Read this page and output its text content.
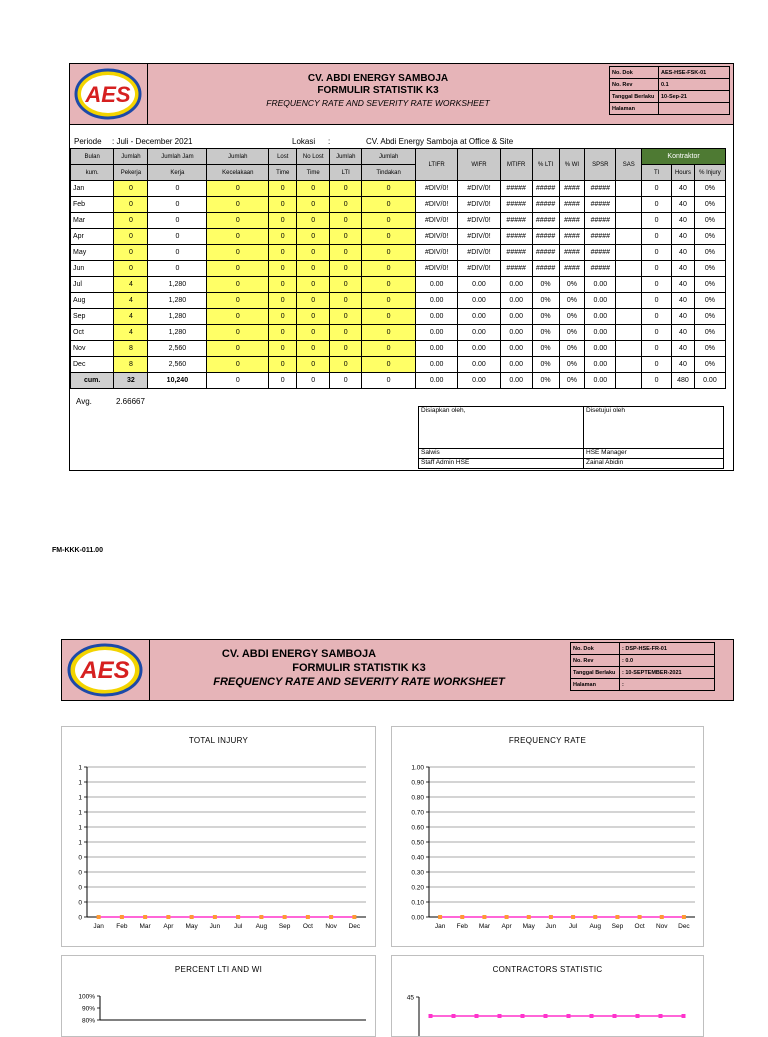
AES
CV. ABDI ENERGY SAMBOJA
FORMULIR STATISTIK K3
FREQUENCY RATE AND SEVERITY RATE WORKSHEET
No. Dok	AES-HSE-FSK-01
No. Rev	0.1
Tanggal Berlaku	10-Sep-21
Halaman	
Periode : Juli - December 2021	Lokasi :	CV. Abdi Energy Samboja at Office & Site
Bulan	Jumlah	Jumlah Jam	Jumlah	Lost	No Lost	Jumlah	Jumlah	LTIFR	WIFR	MTIFR	% LTI	% WI	SPSR	SAS	Kontraktor		
kum.	Pekerja	Kerja	Kecelakaan	Time	Time	LTI	Tindakan								TI	Hours	% Injury
Jan	0	0	0	0	0	0	0	#DIV/0!	#DIV/0!	#####	#####	####	#####		0	40	0%
Feb	0	0	0	0	0	0	0	#DIV/0!	#DIV/0!	#####	#####	####	#####		0	40	0%
Mar	0	0	0	0	0	0	0	#DIV/0!	#DIV/0!	#####	#####	####	#####		0	40	0%
Apr	0	0	0	0	0	0	0	#DIV/0!	#DIV/0!	#####	#####	####	#####		0	40	0%
May	0	0	0	0	0	0	0	#DIV/0!	#DIV/0!	#####	#####	####	#####		0	40	0%
Jun	0	0	0	0	0	0	0	#DIV/0!	#DIV/0!	#####	#####	####	#####		0	40	0%
Jul	4	1,280	0	0	0	0	0	0.00	0.00	0.00	0%	0%	0.00		0	40	0%
Aug	4	1,280	0	0	0	0	0	0.00	0.00	0.00	0%	0%	0.00		0	40	0%
Sep	4	1,280	0	0	0	0	0	0.00	0.00	0.00	0%	0%	0.00		0	40	0%
Oct	4	1,280	0	0	0	0	0	0.00	0.00	0.00	0%	0%	0.00		0	40	0%
Nov	8	2,560	0	0	0	0	0	0.00	0.00	0.00	0%	0%	0.00		0	40	0%
Dec	8	2,560	0	0	0	0	0	0.00	0.00	0.00	0%	0%	0.00		0	40	0%
cum.	32	10,240	0	0	0	0	0	0.00	0.00	0.00	0%	0%	0.00		0	480	0.00
Avg.	2.66667
Disiapkan oleh,	Disetujui oleh
Salwis	HSE Manager
Staff Admin HSE	Zainal Abidin
FM-KKK-011.00
AES
CV. ABDI ENERGY SAMBOJA
FORMULIR STATISTIK K3
FREQUENCY RATE AND SEVERITY RATE WORKSHEET
No. Dok	: DSP-HSE-FR-01
No. Rev	: 0.0
Tanggal Berlaku	: 10-SEPTEMBER-2021
Halaman	:
TOTAL INJURY
1
1
1
1
1
1
0
0
0
0
0
Jan Feb Mar Apr May Jun Jul Aug Sep Oct Nov Dec
FREQUENCY RATE
1.00
0.90
0.80
0.70
0.60
0.50
0.40
0.30
0.20
0.10
0.00
Jan Feb Mar Apr May Jun Jul Aug Sep Oct Nov Dec
PERCENT LTI AND WI
100%
90%
80%
CONTRACTORS STATISTIC
45
